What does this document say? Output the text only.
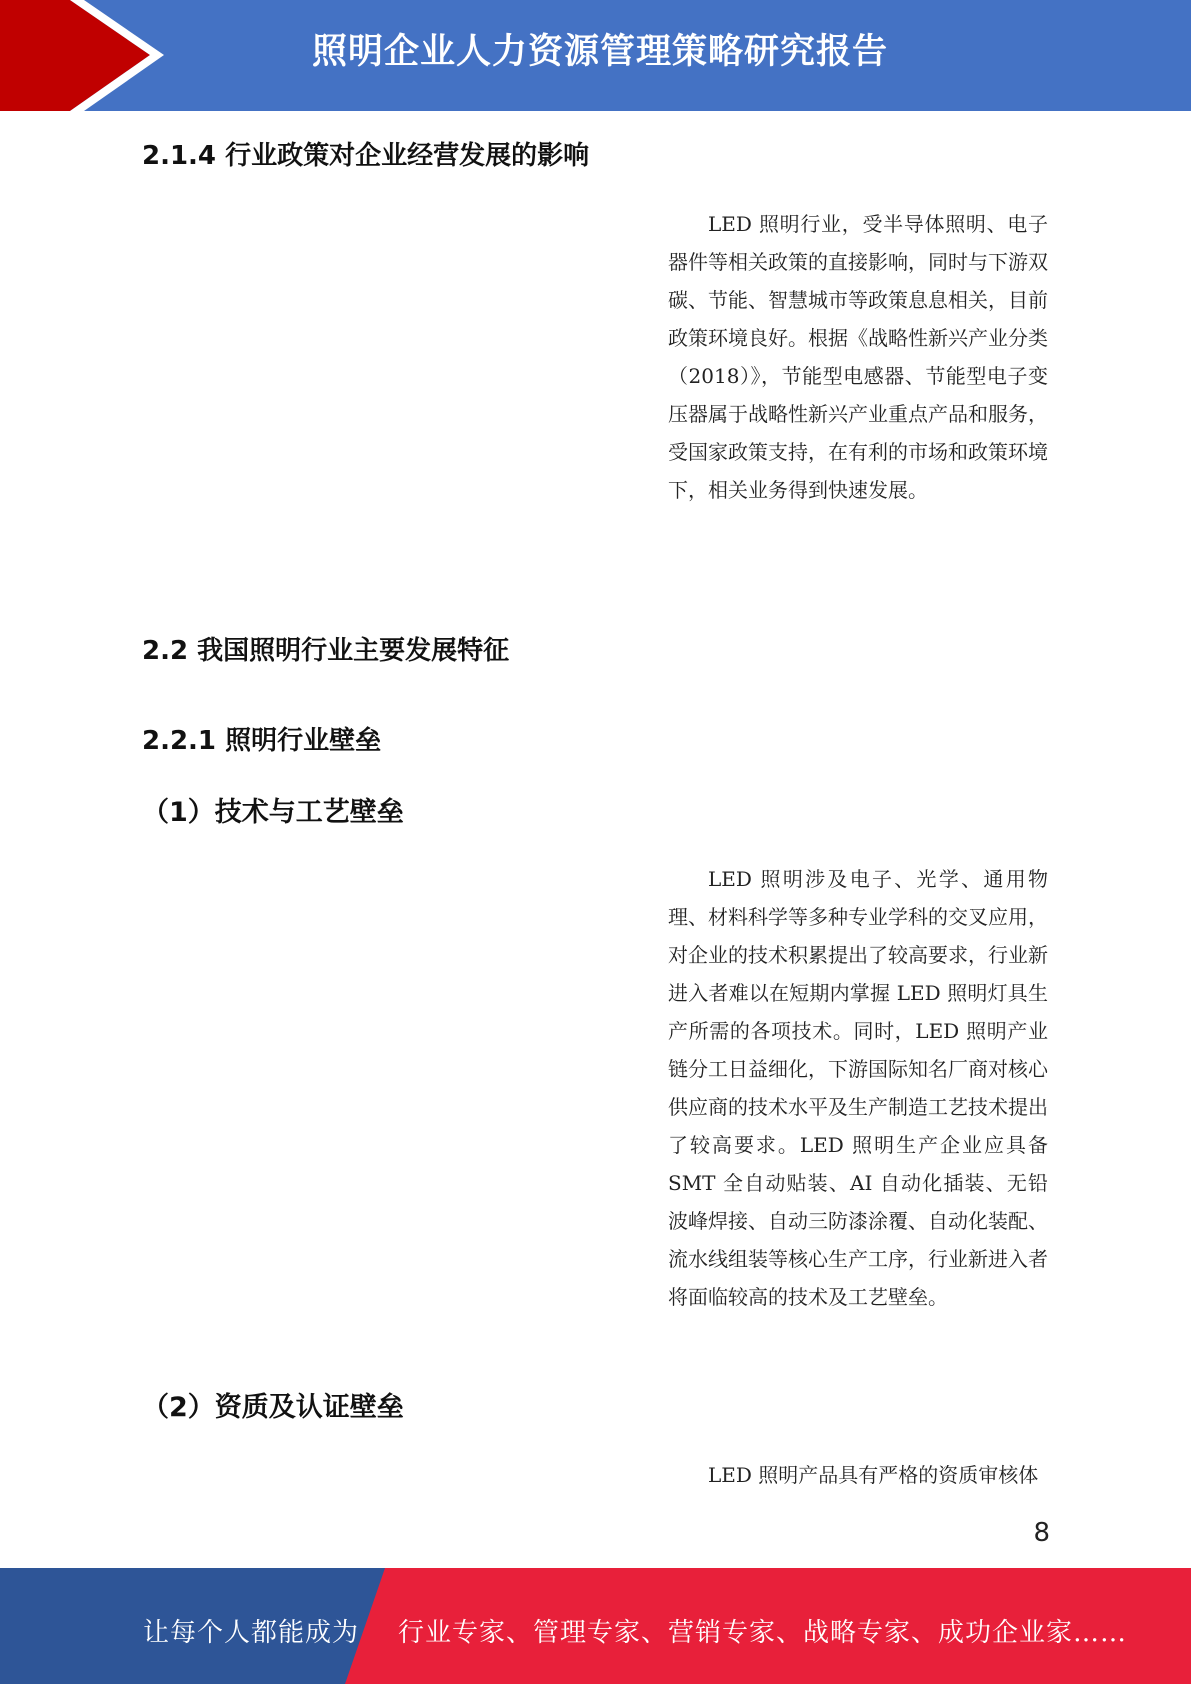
照明企业人力资源管理策略研究报告
2.1.4 行业政策对企业经营发展的影响

LED 照明行业，受半导体照明、电子器件等相关政策的直接影响，同时与下游双碳、节能、智慧城市等政策息息相关，目前政策环境良好。根据《战略性新兴产业分类（2018）》，节能型电感器、节能型电子变压器属于战略性新兴产业重点产品和服务，受国家政策支持，在有利的市场和政策环境下，相关业务得到快速发展。

2.2 我国照明行业主要发展特征
2.2.1 照明行业壁垒
（1）技术与工艺壁垒

LED 照明涉及电子、光学、通用物理、材料科学等多种专业学科的交叉应用，对企业的技术积累提出了较高要求，行业新进入者难以在短期内掌握 LED 照明灯具生产所需的各项技术。同时，LED 照明产业链分工日益细化，下游国际知名厂商对核心供应商的技术水平及生产制造工艺技术提出了较高要求。LED 照明生产企业应具备 SMT 全自动贴装、AI 自动化插装、无铅波峰焊接、自动三防漆涂覆、自动化装配、流水线组装等核心生产工序，行业新进入者将面临较高的技术及工艺壁垒。

（2）资质及认证壁垒

LED 照明产品具有严格的资质审核体

8
让每个人都能成为 行业专家、管理专家、营销专家、战略专家、成功企业家……
